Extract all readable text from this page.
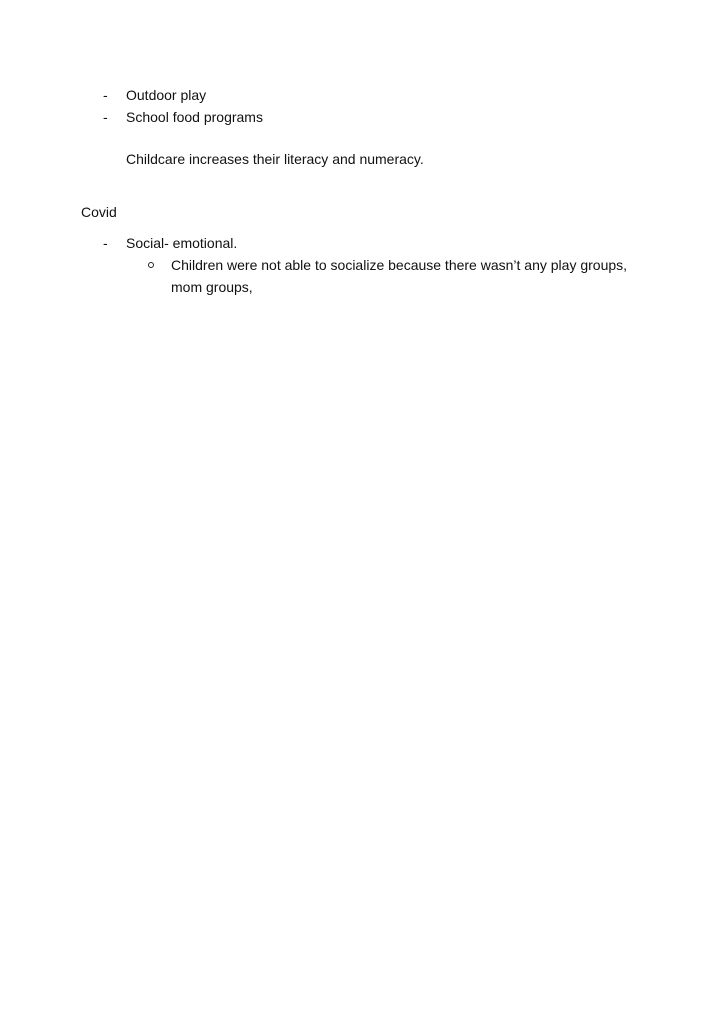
- Outdoor play
- School food programs
Childcare increases their literacy and numeracy.
Covid
- Social- emotional.
Children were not able to socialize because there wasn’t any play groups,
mom groups,
